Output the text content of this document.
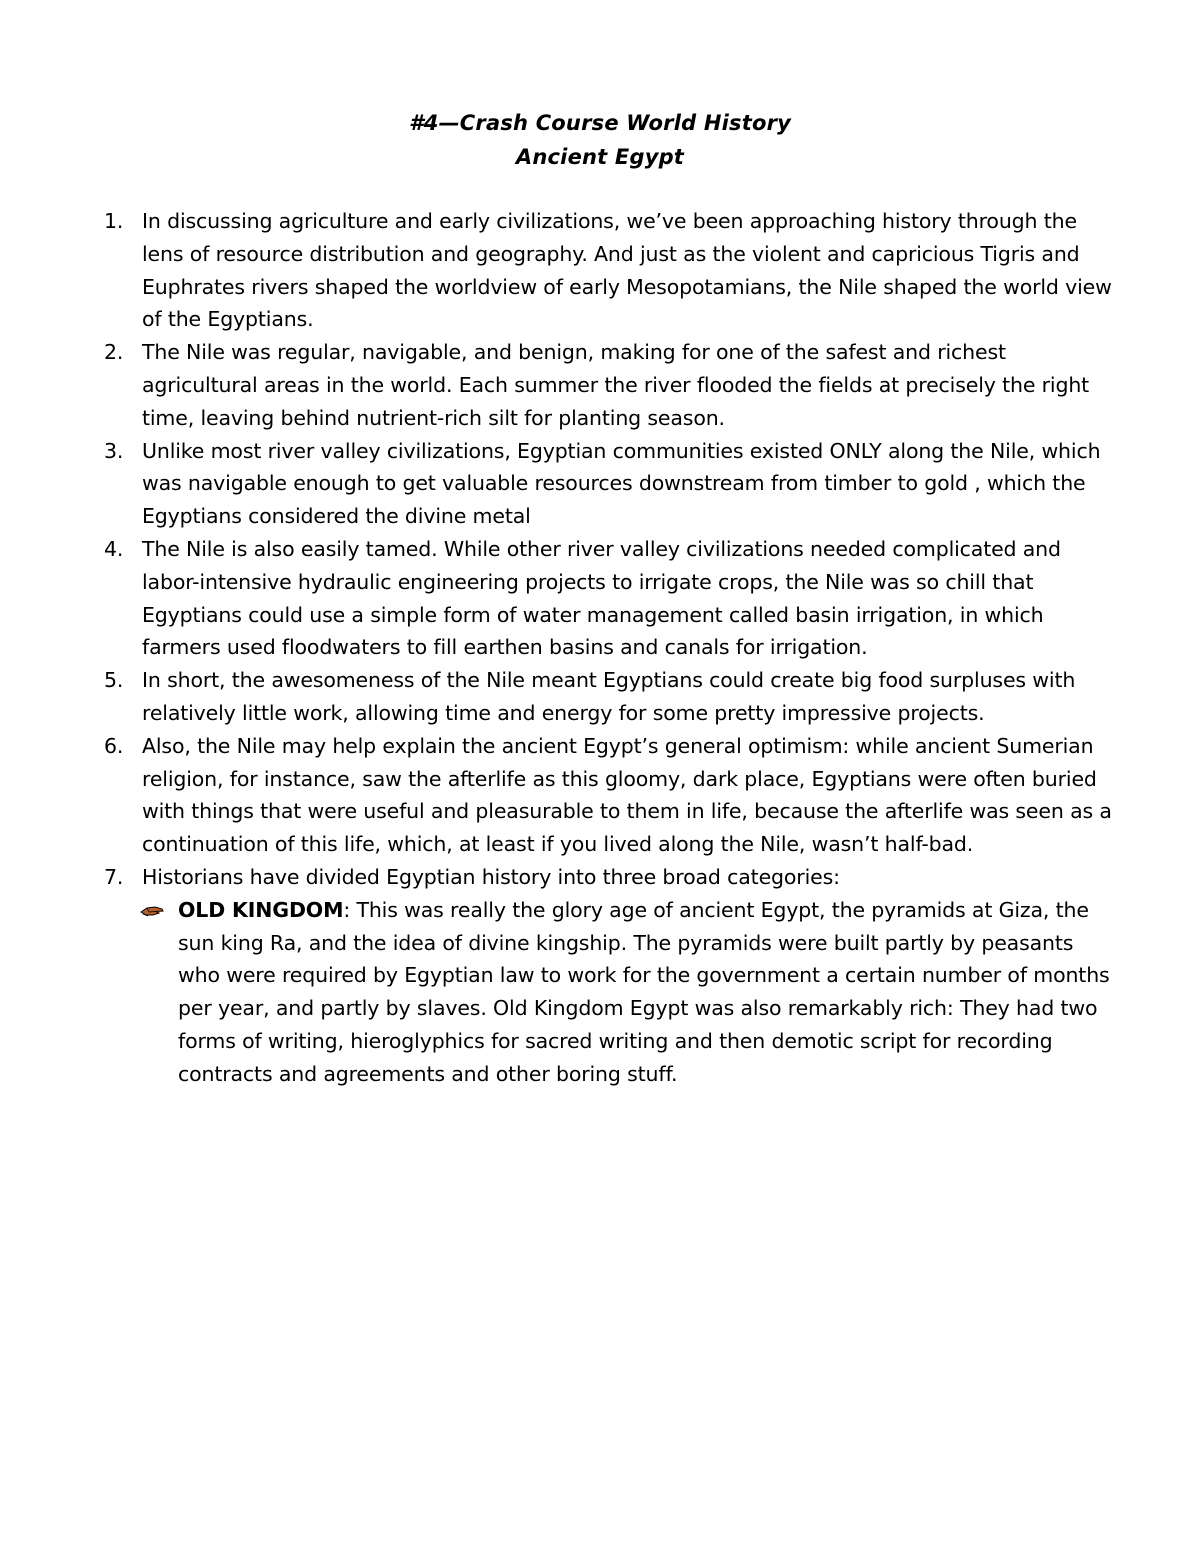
#4—Crash Course World History
Ancient Egypt
1. In discussing agriculture and early civilizations, we’ve been approaching history through the lens of resource distribution and geography. And just as the violent and capricious Tigris and Euphrates rivers shaped the worldview of early Mesopotamians, the Nile shaped the world view of the Egyptians.
2. The Nile was regular, navigable, and benign, making for one of the safest and richest agricultural areas in the world. Each summer the river flooded the fields at precisely the right time, leaving behind nutrient-rich silt for planting season.
3. Unlike most river valley civilizations, Egyptian communities existed ONLY along the Nile, which was navigable enough to get valuable resources downstream from timber to gold , which the Egyptians considered the divine metal
4. The Nile is also easily tamed. While other river valley civilizations needed complicated and labor-intensive hydraulic engineering projects to irrigate crops, the Nile was so chill that Egyptians could use a simple form of water management called basin irrigation, in which farmers used floodwaters to fill earthen basins and canals for irrigation.
5. In short, the awesomeness of the Nile meant Egyptians could create big food surpluses with relatively little work, allowing time and energy for some pretty impressive projects.
6. Also, the Nile may help explain the ancient Egypt’s general optimism: while ancient Sumerian religion, for instance, saw the afterlife as this gloomy, dark place, Egyptians were often buried with things that were useful and pleasurable to them in life, because the afterlife was seen as a continuation of this life, which, at least if you lived along the Nile, wasn’t half-bad.
7. Historians have divided Egyptian history into three broad categories:
OLD KINGDOM: This was really the glory age of ancient Egypt, the pyramids at Giza, the sun king Ra, and the idea of divine kingship. The pyramids were built partly by peasants who were required by Egyptian law to work for the government a certain number of months per year, and partly by slaves. Old Kingdom Egypt was also remarkably rich: They had two forms of writing, hieroglyphics for sacred writing and then demotic script for recording contracts and agreements and other boring stuff.
